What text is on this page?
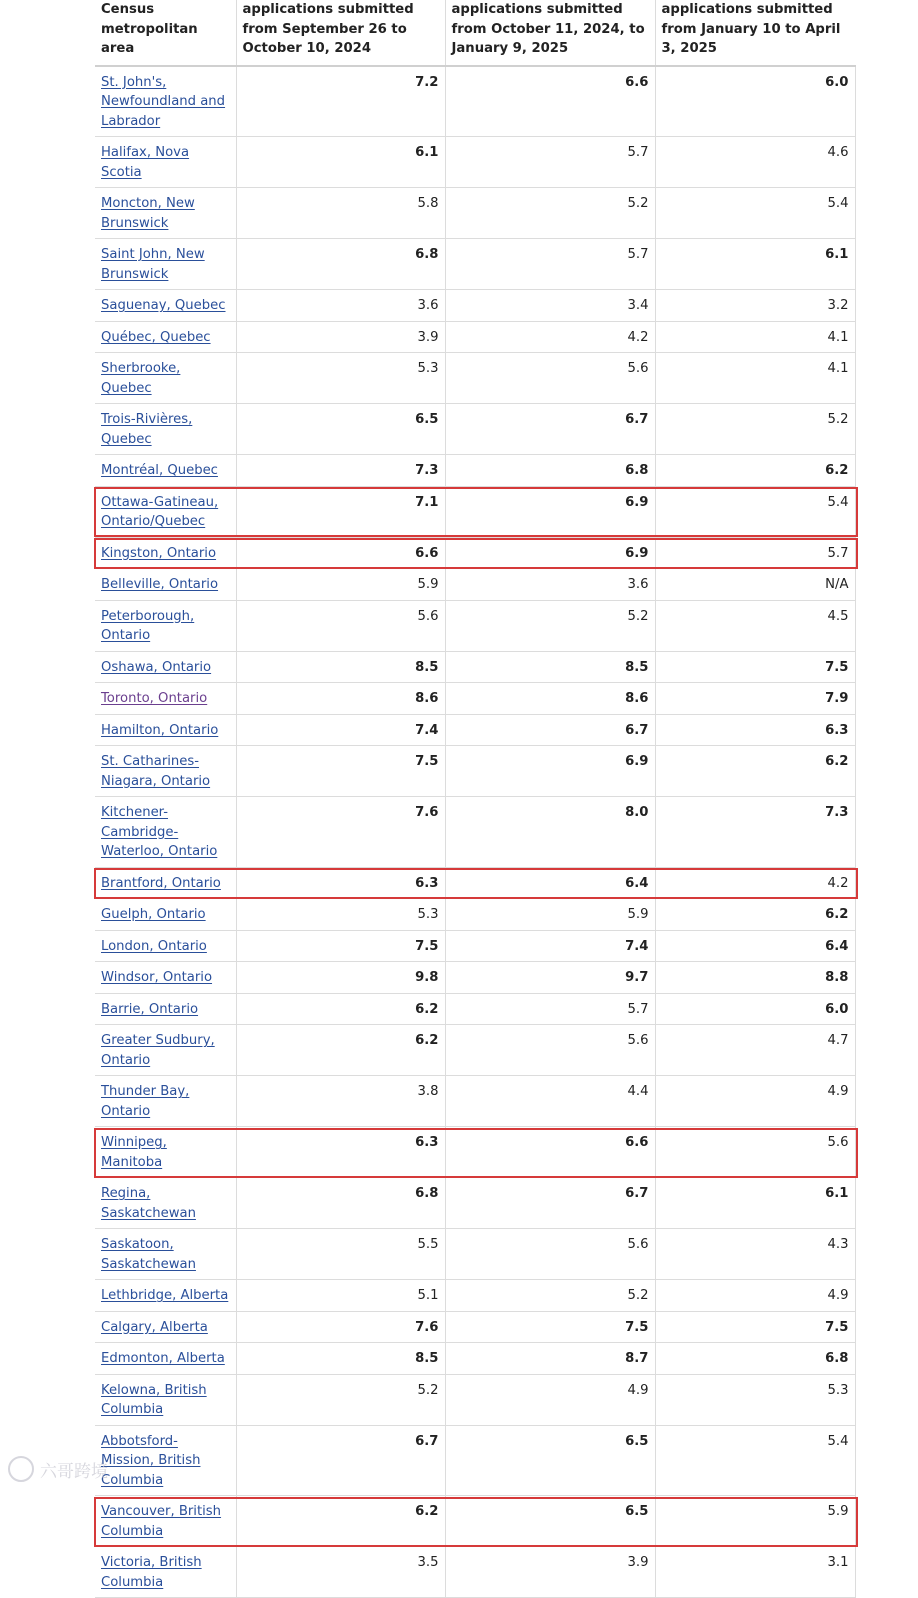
Census metropolitan area	applications submitted from September 26 to October 10, 2024	applications submitted from October 11, 2024, to January 9, 2025	applications submitted from January 10 to April 3, 2025

St. John's, Newfoundland and Labrador	7.2	6.6	6.0
Halifax, Nova Scotia	6.1	5.7	4.6
Moncton, New Brunswick	5.8	5.2	5.4
Saint John, New Brunswick	6.8	5.7	6.1
Saguenay, Quebec	3.6	3.4	3.2
Québec, Quebec	3.9	4.2	4.1
Sherbrooke, Quebec	5.3	5.6	4.1
Trois-Rivières, Quebec	6.5	6.7	5.2
Montréal, Quebec	7.3	6.8	6.2
Ottawa-Gatineau, Ontario/Quebec	7.1	6.9	5.4
Kingston, Ontario	6.6	6.9	5.7
Belleville, Ontario	5.9	3.6	N/A
Peterborough, Ontario	5.6	5.2	4.5
Oshawa, Ontario	8.5	8.5	7.5
Toronto, Ontario	8.6	8.6	7.9
Hamilton, Ontario	7.4	6.7	6.3
St. Catharines-Niagara, Ontario	7.5	6.9	6.2
Kitchener-Cambridge-Waterloo, Ontario	7.6	8.0	7.3
Brantford, Ontario	6.3	6.4	4.2
Guelph, Ontario	5.3	5.9	6.2
London, Ontario	7.5	7.4	6.4
Windsor, Ontario	9.8	9.7	8.8
Barrie, Ontario	6.2	5.7	6.0
Greater Sudbury, Ontario	6.2	5.6	4.7
Thunder Bay, Ontario	3.8	4.4	4.9
Winnipeg, Manitoba	6.3	6.6	5.6
Regina, Saskatchewan	6.8	6.7	6.1
Saskatoon, Saskatchewan	5.5	5.6	4.3
Lethbridge, Alberta	5.1	5.2	4.9
Calgary, Alberta	7.6	7.5	7.5
Edmonton, Alberta	8.5	8.7	6.8
Kelowna, British Columbia	5.2	4.9	5.3
Abbotsford-Mission, British Columbia	6.7	6.5	5.4
Vancouver, British Columbia	6.2	6.5	5.9
Victoria, British Columbia	3.5	3.9	3.1
六哥跨境
